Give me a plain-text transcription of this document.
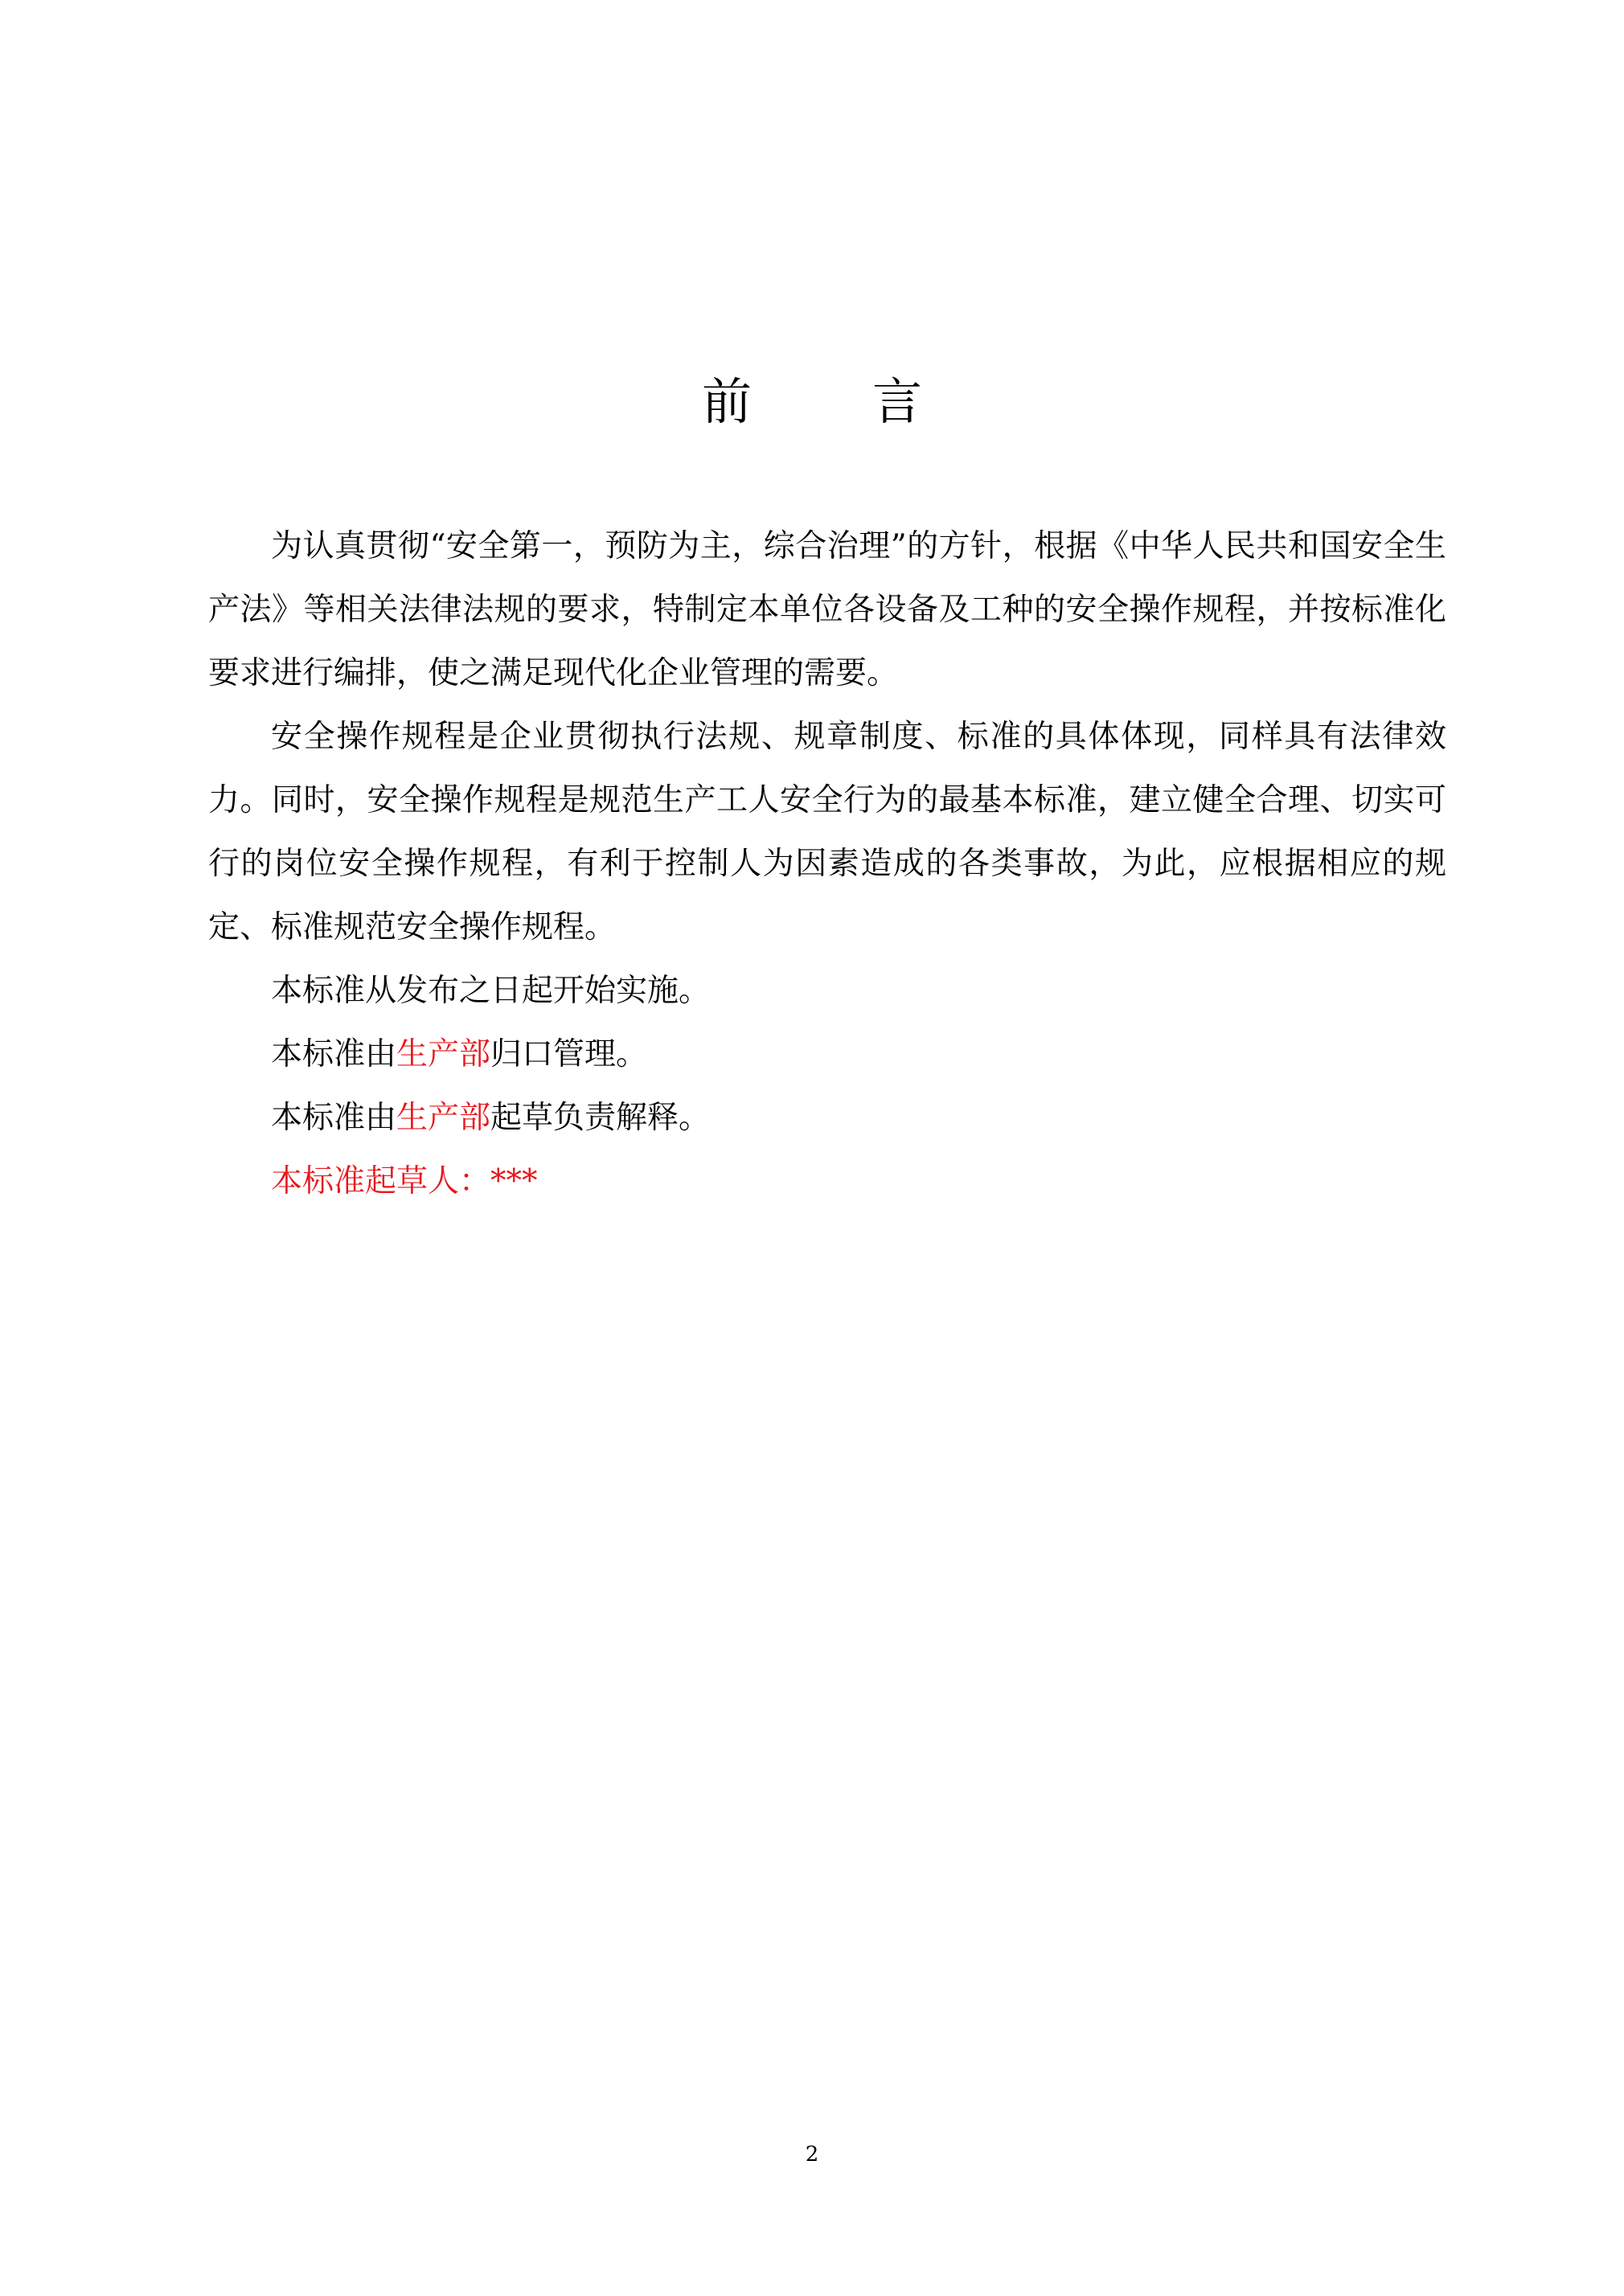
前 言

为认真贯彻“安全第一，预防为主，综合治理”的方针，根据《中华人民共和国安全生产法》等相关法律法规的要求，特制定本单位各设备及工种的安全操作规程，并按标准化要求进行编排，使之满足现代化企业管理的需要。

安全操作规程是企业贯彻执行法规、规章制度、标准的具体体现，同样具有法律效力。同时，安全操作规程是规范生产工人安全行为的最基本标准，建立健全合理、切实可行的岗位安全操作规程，有利于控制人为因素造成的各类事故，为此，应根据相应的规定、标准规范安全操作规程。

本标准从发布之日起开始实施。

本标准由生产部归口管理。

本标准由生产部起草负责解释。

本标准起草人：***

2
